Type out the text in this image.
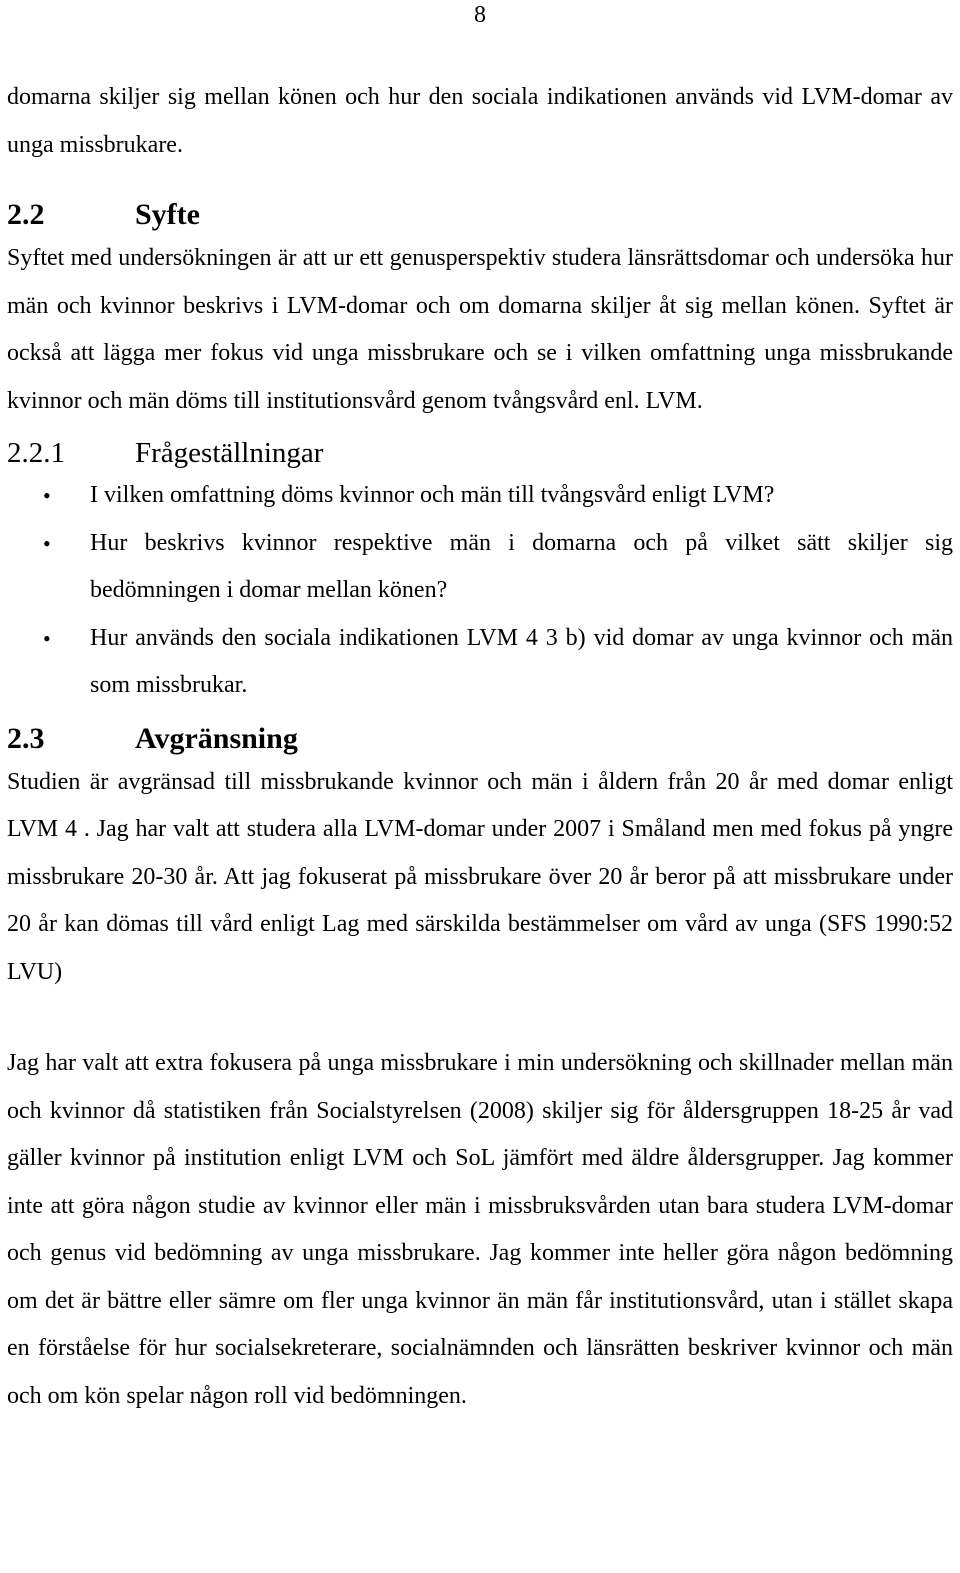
8

domarna skiljer sig mellan könen och hur den sociala indikationen används vid LVM-domar av unga missbrukare.

2.2	Syfte

Syftet med undersökningen är att ur ett genusperspektiv studera länsrättsdomar och undersöka hur män och kvinnor beskrivs i LVM-domar och om domarna skiljer åt sig mellan könen. Syftet är också att lägga mer fokus vid unga missbrukare och se i vilken omfattning unga missbrukande kvinnor och män döms till institutionsvård genom tvångsvård enl. LVM.

2.2.1	Frågeställningar
• I vilken omfattning döms kvinnor och män till tvångsvård enligt LVM?
• Hur beskrivs kvinnor respektive män i domarna och på vilket sätt skiljer sig bedömningen i domar mellan könen?
• Hur används den sociala indikationen LVM 4 3 b) vid domar av unga kvinnor och män som missbrukar.
2.3	Avgränsning

Studien är avgränsad till missbrukande kvinnor och män i åldern från 20 år med domar enligt LVM 4 . Jag har valt att studera alla LVM-domar under 2007 i Småland men med fokus på yngre missbrukare 20-30 år. Att jag fokuserat på missbrukare över 20 år beror på att missbrukare under 20 år kan dömas till vård enligt Lag med särskilda bestämmelser om vård av unga (SFS 1990:52 LVU)

Jag har valt att extra fokusera på unga missbrukare i min undersökning och skillnader mellan män och kvinnor då statistiken från Socialstyrelsen (2008) skiljer sig för åldersgruppen 18-25 år vad gäller kvinnor på institution enligt LVM och SoL jämfört med äldre åldersgrupper. Jag kommer inte att göra någon studie av kvinnor eller män i missbruksvården utan bara studera LVM-domar och genus vid bedömning av unga missbrukare. Jag kommer inte heller göra någon bedömning om det är bättre eller sämre om fler unga kvinnor än män får institutionsvård, utan i stället skapa en förståelse för hur socialsekreterare, socialnämnden och länsrätten beskriver kvinnor och män och om kön spelar någon roll vid bedömningen.
